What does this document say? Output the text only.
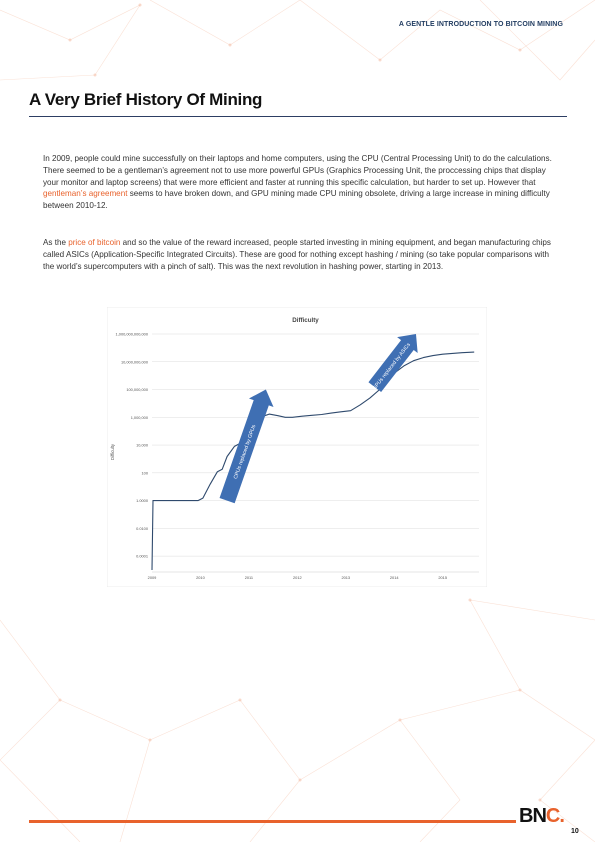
A GENTLE INTRODUCTION TO BITCOIN MINING
A Very Brief History Of Mining

In 2009, people could mine successfully on their laptops and home computers, using the CPU (Central Processing Unit) to do the calculations. There seemed to be a gentleman’s agreement not to use more powerful GPUs (Graphics Processing Unit, the proccessing chips that display your monitor and laptop screens) that were more efficient and faster at running this specific calculation, but harder to set up. However that gentleman’s agreement seems to have broken down, and GPU mining made CPU mining obsolete, driving a large increase in mining difficulty between 2010-12.

As the price of bitcoin and so the value of the reward increased, people started investing in mining equipment, and began manufacturing chips called ASICs (Application-Specific Integrated Circuits). These are good for nothing except hashing / mining (so take popular comparisons with the world’s supercomputers with a pinch of salt). This was the next revolution in hashing power, starting in 2013.

Difficulty
0.0001
0.0100
1.0000
100
10,000
1,000,000
100,000,000
10,000,000,000
1,000,000,000,000
2009	2010	2011	2012	2013	2014	2015
Difficulty	CPUs replaced by GPUs
GPUs replaced by ASICs
BNC.
10
